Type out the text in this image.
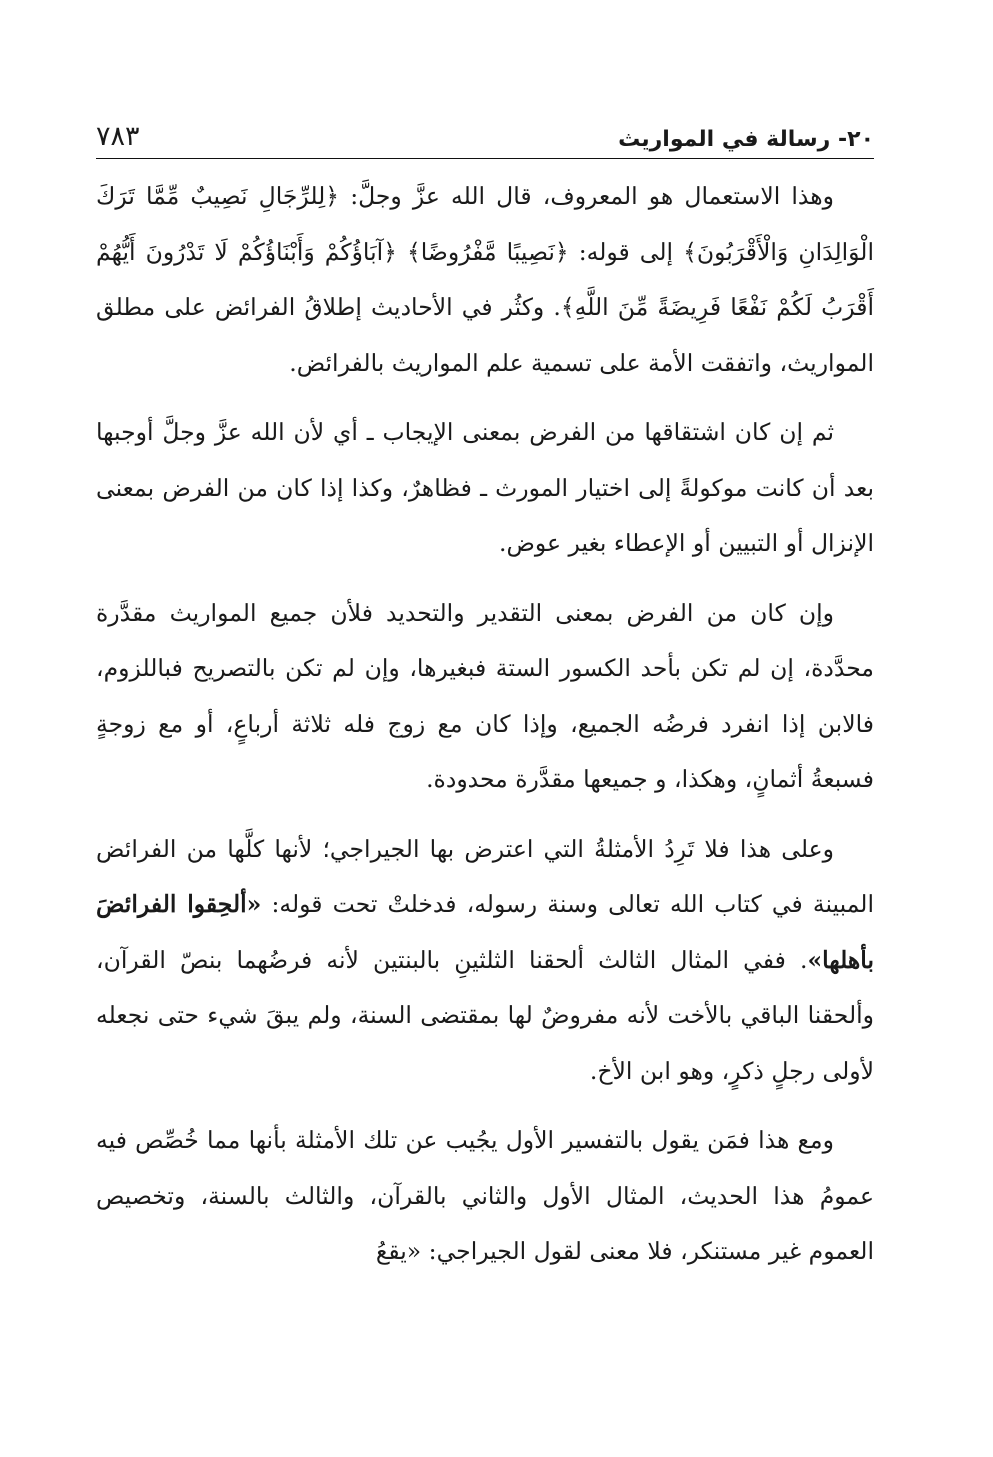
٢٠- رسالة في المواريث
٧٨٣

وهذا الاستعمال هو المعروف، قال الله عزَّ وجلَّ: ﴿لِلرِّجَالِ نَصِيبٌ مِّمَّا تَرَكَ الْوَالِدَانِ وَالْأَقْرَبُونَ﴾ إلى قوله: ﴿نَصِيبًا مَّفْرُوضًا﴾ ﴿آبَاؤُكُمْ وَأَبْنَاؤُكُمْ لَا تَدْرُونَ أَيُّهُمْ أَقْرَبُ لَكُمْ نَفْعًا فَرِيضَةً مِّنَ اللَّهِ﴾. وكثُر في الأحاديث إطلاقُ الفرائض على مطلق المواريث، واتفقت الأمة على تسمية علم المواريث بالفرائض.

ثم إن كان اشتقاقها من الفرض بمعنى الإيجاب ـ أي لأن الله عزَّ وجلَّ أوجبها بعد أن كانت موكولةً إلى اختيار المورث ـ فظاهرٌ، وكذا إذا كان من الفرض بمعنى الإنزال أو التبيين أو الإعطاء بغير عوض.

وإن كان من الفرض بمعنى التقدير والتحديد فلأن جميع المواريث مقدَّرة محدَّدة، إن لم تكن بأحد الكسور الستة فبغيرها، وإن لم تكن بالتصريح فباللزوم، فالابن إذا انفرد فرضُه الجميع، وإذا كان مع زوج فله ثلاثة أرباعٍ، أو مع زوجةٍ فسبعةُ أثمانٍ، وهكذا، و جميعها مقدَّرة محدودة.

وعلى هذا فلا تَرِدُ الأمثلةُ التي اعترض بها الجيراجي؛ لأنها كلَّها من الفرائض المبينة في كتاب الله تعالى وسنة رسوله، فدخلتْ تحت قوله: «ألحِقوا الفرائضَ بأهلها». ففي المثال الثالث ألحقنا الثلثينِ بالبنتين لأنه فرضُهما بنصّ القرآن، وألحقنا الباقي بالأخت لأنه مفروضٌ لها بمقتضى السنة، ولم يبقَ شيء حتى نجعله لأولى رجلٍ ذكرٍ، وهو ابن الأخ.

ومع هذا فمَن يقول بالتفسير الأول يجُيب عن تلك الأمثلة بأنها مما خُصِّص فيه عمومُ هذا الحديث، المثال الأول والثاني بالقرآن، والثالث بالسنة، وتخصيص العموم غير مستنكر، فلا معنى لقول الجيراجي: «يقعُ
